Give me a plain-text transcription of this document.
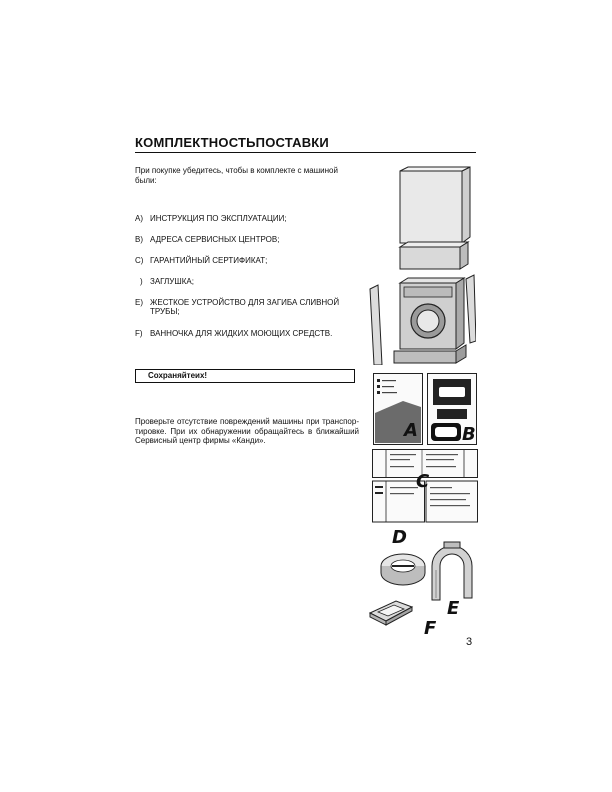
КОМПЛЕКТНОСТЬПОСТАВКИ
При покупке убедитесь, чтобы в комплекте с машиной были:
A) ИНСТРУКЦИЯ ПО ЭКСПЛУАТАЦИИ;
B) АДРЕСА СЕРВИСНЫХ ЦЕНТРОВ;
C) ГАРАНТИЙНЫЙ СЕРТИФИКАТ;
) ЗАГЛУШКА;
E) ЖЕСТКОЕ УСТРОЙСТВО ДЛЯ ЗАГИБА СЛИВНОЙ ТРУБЫ;
F) ВАННОЧКА ДЛЯ ЖИДКИХ МОЮЩИХ СРЕДСТВ.
Сохраняйтеих!
Проверьте отсутствие повреждений машины при транспор-тировке. При их обнаружении обращайтесь в ближайший Сервисный центр фирмы «Канди».	A B
C
D
E
F
3
